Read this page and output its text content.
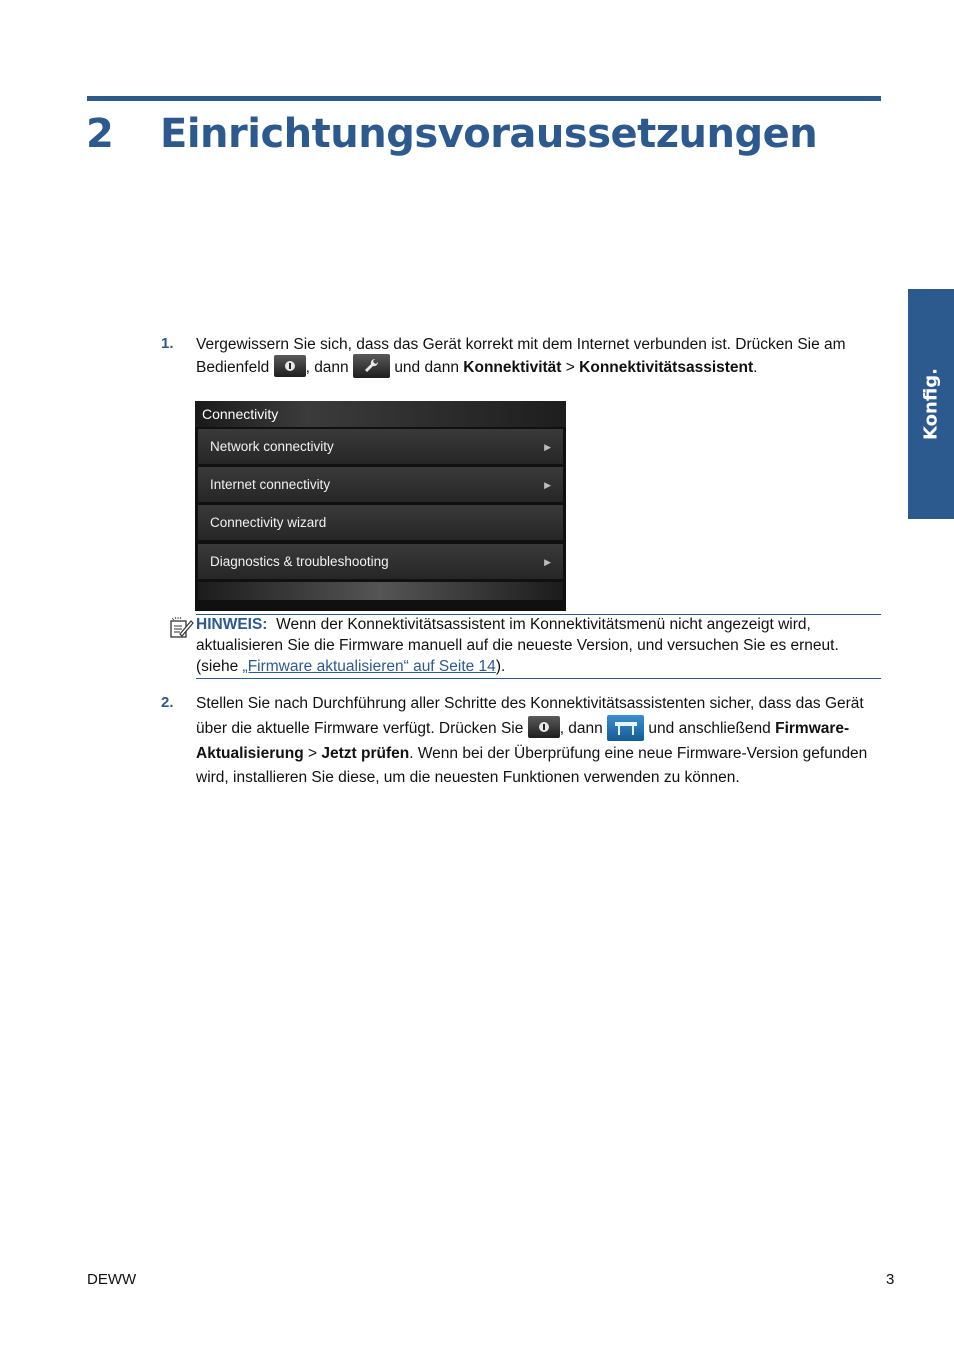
2 Einrichtungsvoraussetzungen
Konfig.
1. Vergewissern Sie sich, dass das Gerät korrekt mit dem Internet verbunden ist. Drücken Sie am Bedienfeld , dann	und dann Konnektivität > Konnektivitätsassistent.
Connectivity
Network connectivity	▶
Internet connectivity	▶
Connectivity wizard
Diagnostics & troubleshooting	▶
HINWEIS: Wenn der Konnektivitätsassistent im Konnektivitätsmenü nicht angezeigt wird, aktualisieren Sie die Firmware manuell auf die neueste Version, und versuchen Sie es erneut. (siehe „Firmware aktualisieren“ auf Seite 14).
2. Stellen Sie nach Durchführung aller Schritte des Konnektivitätsassistenten sicher, dass das Gerät über die aktuelle Firmware verfügt. Drücken Sie , dann	und anschließend Firmware-Aktualisierung > Jetzt prüfen. Wenn bei der Überprüfung eine neue Firmware-Version gefunden wird, installieren Sie diese, um die neuesten Funktionen verwenden zu können.
DEWW	3
